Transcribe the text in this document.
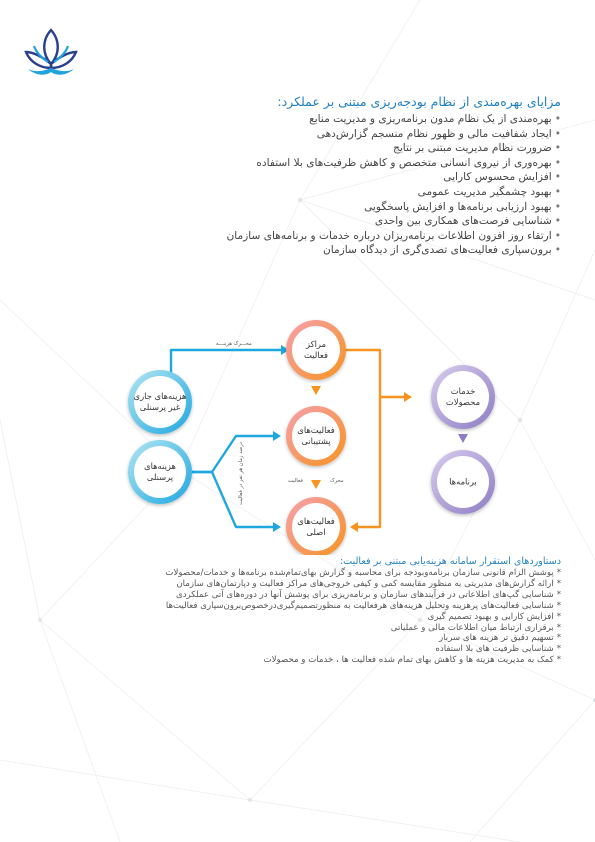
مزایای بهره‌مندی از نظام بودجه‌ریزی مبتنی بر عملکرد:
• بهره‌مندی از یک نظام مدون برنامه‌ریزی و مدیریت منابع
• ایجاد شفافیت مالی و ظهور نظام منسجم گزارش‌دهی
• ضرورت نظام مدیریت مبتنی بر نتایج
• بهره‌وری از نیروی انسانی متخصص و کاهش ظرفیت‌های بلا استفاده
• افزایش محسوس کارایی
• بهبود چشمگیر مدیریت عمومی
• بهبود ارزیابی برنامه‌ها و افزایش پاسخگویی
• شناسایی فرصت‌های همکاری بین واحدی
• ارتقاء روز افزون اطلاعات برنامه‌ریزان درباره خدمات و برنامه‌های سازمان
• برون‌سپاری فعالیت‌های تصدی‌گری از دیدگاه سازمان
هزینه‌های جاری غیر پرسنلی
هزینه‌های پرسنلی
مراکز فعالیت
فعالیت‌های پشتیبانی
فعالیت‌های اصلی
خدمات محصولات
برنامه‌ها
محـــرک هزینـــه
محرک
فعالیت
درصد زمان هر نفر در فعالیت
دستاوردهای استقرار سامانه هزینه‌یابی مبتنی بر فعالیت:
* پوشش الزام قانونی سازمان برنامه‌وبودجه برای محاسبه و گزارش بهای‌تمام‌شده برنامه‌ها و خدمات/محصولات
* ارائه گزارش‌های مدیریتی به منظور مقایسه کمی و کیفی خروجی‌های مراکز فعالیت و دپارتمان‌های سازمان
* شناسایی گپ‌های اطلاعاتی در فرآیندهای سازمان و برنامه‌ریزی برای پوشش آنها در دوره‌های آتی عملکردی
* شناسایی فعالیت‌های پرهزینه وتحلیل هزینه‌های هرفعالیت به منظورتصمیم‌گیری‌درخصوص‌برون‌سپاری فعالیت‌ها
* افزایش کارایی و بهبود تصمیم گیری
* برقراری ارتباط میان اطلاعات مالی و عملیاتی
* تسهیم دقیق تر هزینه های سربار
* شناسایی ظرفیت های بلا استفاده
* کمک به مدیریت هزینه ها و کاهش بهای تمام شده فعالیت ها ، خدمات و محصولات
